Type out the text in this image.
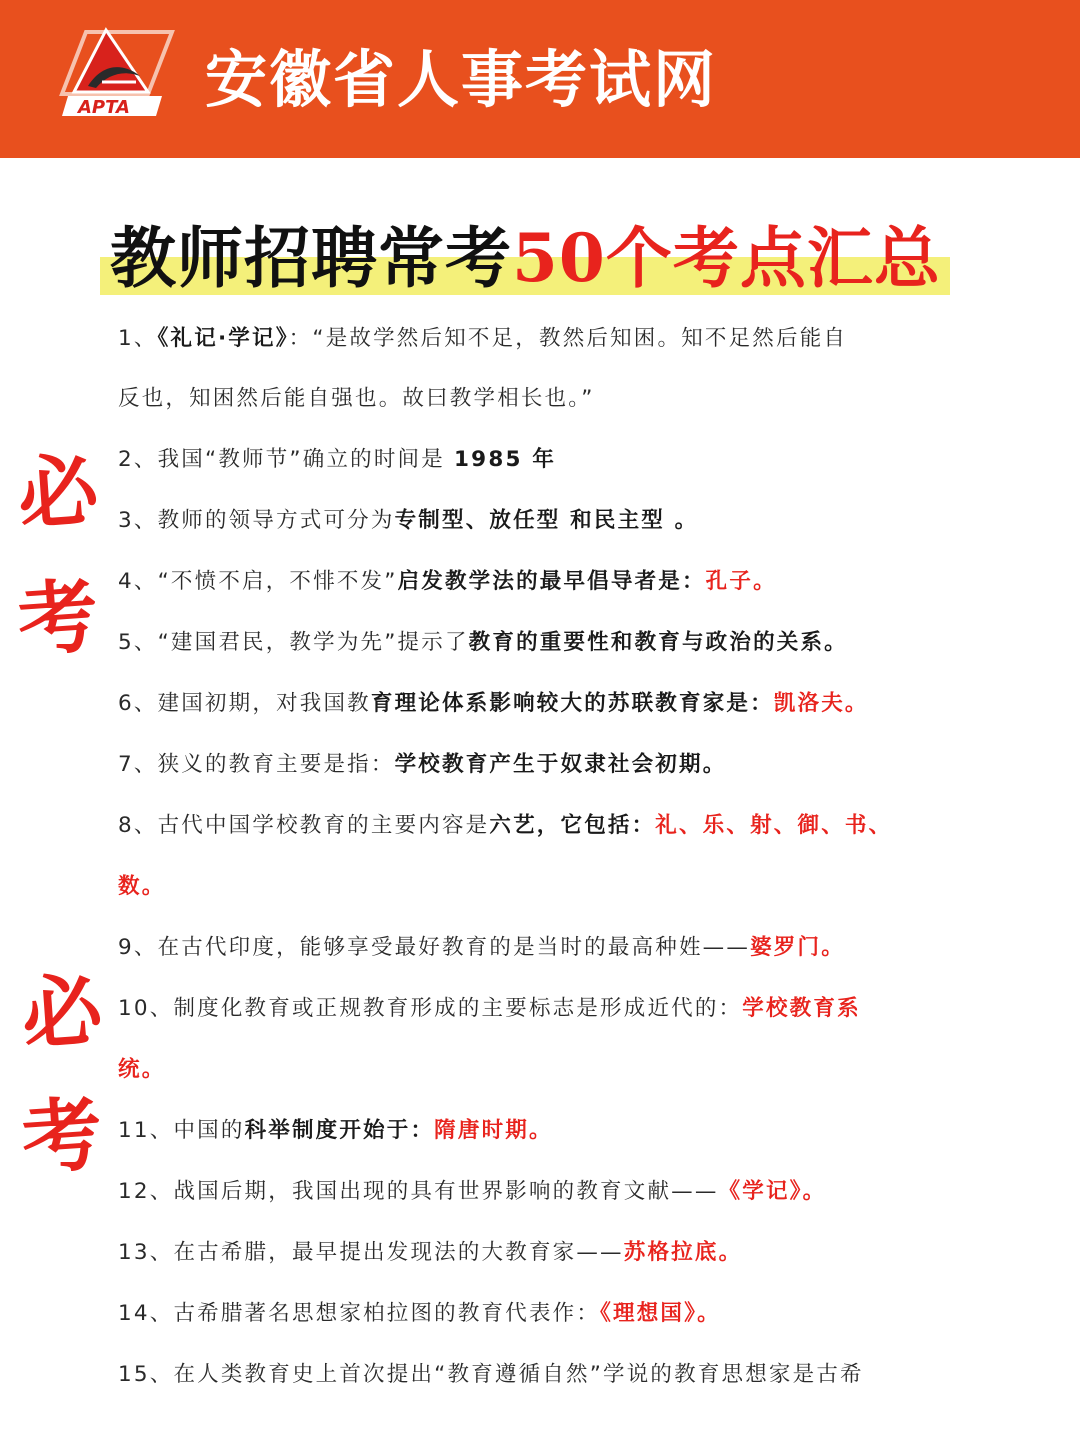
APTA 安徽省人事考试网
教师招聘常考50个考点汇总
必
考
必
考
1、《礼记·学记》：“是故学然后知不足，教然后知困。知不足然后能自
反也，知困然后能自强也。故曰教学相长也。”
2、我国“教师节”确立的时间是 1985 年
3、教师的领导方式可分为专制型、放任型 和民主型 。
4、“不愤不启，不悱不发”启发教学法的最早倡导者是：孔子。
5、“建国君民，教学为先”提示了教育的重要性和教育与政治的关系。
6、建国初期，对我国教育理论体系影响较大的苏联教育家是：凯洛夫。
7、狭义的教育主要是指：学校教育产生于奴隶社会初期。
8、古代中国学校教育的主要内容是六艺，它包括：礼、乐、射、御、书、
数。
9、在古代印度，能够享受最好教育的是当时的最高种姓——婆罗门。
10、制度化教育或正规教育形成的主要标志是形成近代的：学校教育系
统。
11、中国的科举制度开始于：隋唐时期。
12、战国后期，我国出现的具有世界影响的教育文献——《学记》。
13、在古希腊，最早提出发现法的大教育家——苏格拉底。
14、古希腊著名思想家柏拉图的教育代表作：《理想国》。
15、在人类教育史上首次提出“教育遵循自然”学说的教育思想家是古希
